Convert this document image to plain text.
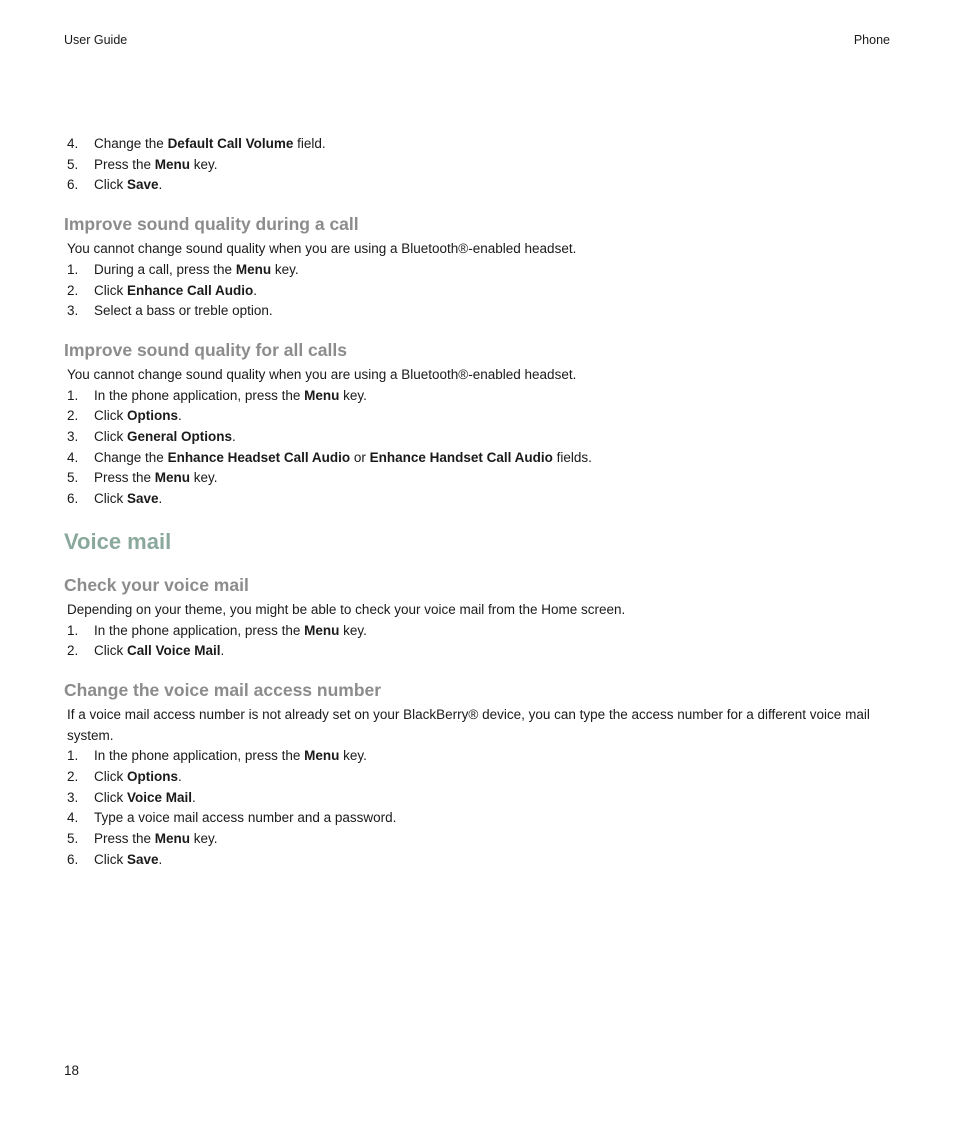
User Guide	Phone
4. Change the Default Call Volume field.
5. Press the Menu key.
6. Click Save.
Improve sound quality during a call
You cannot change sound quality when you are using a Bluetooth®-enabled headset.
1. During a call, press the Menu key.
2. Click Enhance Call Audio.
3. Select a bass or treble option.
Improve sound quality for all calls
You cannot change sound quality when you are using a Bluetooth®-enabled headset.
1. In the phone application, press the Menu key.
2. Click Options.
3. Click General Options.
4. Change the Enhance Headset Call Audio or Enhance Handset Call Audio fields.
5. Press the Menu key.
6. Click Save.
Voice mail
Check your voice mail
Depending on your theme, you might be able to check your voice mail from the Home screen.
1. In the phone application, press the Menu key.
2. Click Call Voice Mail.
Change the voice mail access number
If a voice mail access number is not already set on your BlackBerry® device, you can type the access number for a different voice mail system.
1. In the phone application, press the Menu key.
2. Click Options.
3. Click Voice Mail.
4. Type a voice mail access number and a password.
5. Press the Menu key.
6. Click Save.
18
